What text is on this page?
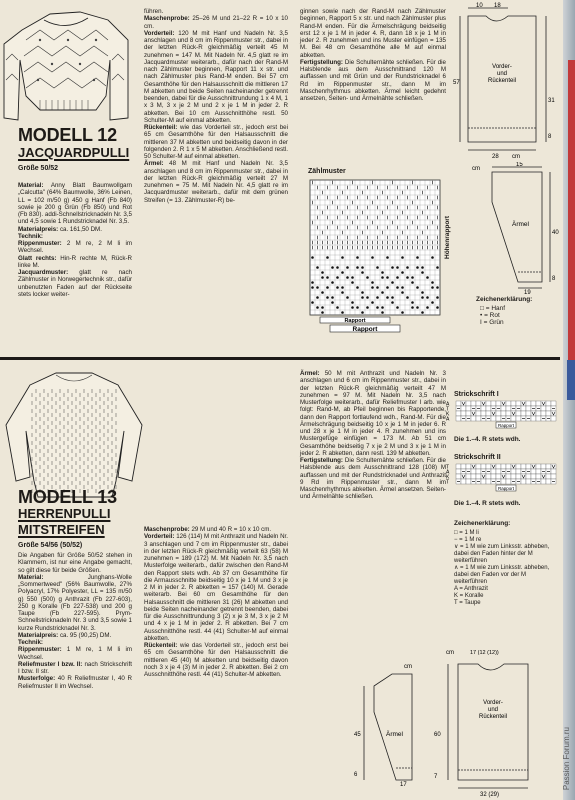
MODELL 12
JACQUARDPULLI
Größe 50/52

Material: Anny Blatt Baumwollgarn „Calcutta" (64% Baumwolle, 36% Leinen, LL = 102 m/50 g) 450 g Hanf (Fb 840) sowie je 200 g Grün (Fb 850) und Rot (Fb 830). addi-Schnellstricknadeln Nr. 3,5 und 4,5 sowie 1 Rundstricknadel Nr. 3,5.

Materialpreis: ca. 161,50 DM.

Technik:

Rippenmuster: 2 M re, 2 M li im Wechsel.

Glatt rechts: Hin-R rechte M, Rück-R linke M.

Jacquardmuster: glatt re nach Zählmuster in Norwegertechnik str., dafür unbenutzten Faden auf der Rückseite stets locker weiter-

führen.

Maschenprobe: 25–26 M und 21–22 R = 10 x 10 cm.

Vorderteil: 120 M mit Hanf und Nadeln Nr. 3,5 anschlagen und 8 cm im Rippenmuster str., dabei in der letzten Rück-R gleichmäßig verteilt 45 M zunehmen = 147 M. Mit Nadeln Nr. 4,5 glatt re im Jacquardmuster weiterarb., dafür nach der Rand-M nach Zählmuster beginnen, Rapport 11 x str. und nach Zählmuster plus Rand-M enden. Bei 57 cm Gesamthöhe für den Halsausschnitt die mittleren 17 M abketten und beide Seiten nacheinander getrennt beenden, dabei für die Ausschnittrundung 1 x 4 M, 1 x 3 M, 3 x je 2 M und 2 x je 1 M in jeder 2. R abketten. Bei 10 cm Ausschnitthöhe restl. 50 Schulter-M auf einmal abketten.

Rückenteil: wie das Vorderteil str., jedoch erst bei 65 cm Gesamthöhe für den Halsausschnitt die mittleren 37 M abketten und beidseitig davon in der folgenden 2. R 1 x 5 M abketten. Anschließend restl. 50 Schulter-M auf einmal abketten.

Ärmel: 48 M mit Hanf und Nadeln Nr. 3,5 anschlagen und 8 cm im Rippenmuster str., dabei in der letzten Rück-R gleichmäßig verteilt 27 M zunehmen = 75 M. Mit Nadeln Nr. 4,5 glatt re im Jacquardmuster weiterarb., dafür mit dem grünen Streifen (= 13. Zählmuster-R) be-

ginnen sowie nach der Rand-M nach Zählmuster beginnen, Rapport 5 x str. und nach Zählmuster plus Rand-M enden. Für die Ärmelschrägung beidseitig erst 12 x je 1 M in jeder 4. R, dann 18 x je 1 M in jeder 2. R zunehmen und ins Muster einfügen = 135 M. Bei 48 cm Gesamthöhe alle M auf einmal abketten.

Fertigstellung: Die Schulternähte schließen. Für die Halsblende aus dem Ausschnittrand 120 M auffassen und mit Grün und der Rundstricknadel 6 Rd im Rippenmuster str., dann M im Maschenrhythmus abketten. Ärmel leicht gedehnt ansetzen, Seiten- und Ärmelnähte schließen.

Vorder-
und
Rückenteil
10 18
57
31
8
28 cm
cm
15
Ärmel
40
8
19
Zählmuster
Rapport
Rapport
Höhenrapport
Zeichenerklärung:
□ = Hanf
• = Rot
I = Grün
MODELL 13
HERRENPULLI
MITSTREIFEN
Größe 54/56 (50/52)

Die Angaben für Größe 50/52 stehen in Klammern, ist nur eine Angabe gemacht, so gilt diese für beide Größen.

Material: Junghans-Wolle „Sommertweed" (56% Baumwolle, 27% Polyacryl, 17% Polyester, LL = 135 m/50 g) 550 (500) g Anthrazit (Fb 227-603), 250 g Koralle (Fb 227-538) und 200 g Taupe (Fb 227-595). Prym-Schnellstricknadeln Nr. 3 und 3,5 sowie 1 kurze Rundstricknadel Nr. 3.

Materialpreis: ca. 95 (90,25) DM.

Technik:

Rippenmuster: 1 M re, 1 M li im Wechsel.

Reliefmuster I bzw. II: nach Strickschrift I bzw. II str.

Musterfolge: 40 R Reliefmuster I, 40 R Reliefmuster II im Wechsel.

Maschenprobe: 29 M und 40 R = 10 x 10 cm.

Vorderteil: 126 (114) M mit Anthrazit und Nadeln Nr. 3 anschlagen und 7 cm im Rippenmuster str., dabei in der letzten Rück-R gleichmäßig verteilt 63 (58) M zunehmen = 189 (172) M. Mit Nadeln Nr. 3,5 nach Musterfolge weiterarb., dafür zwischen den Rand-M den Rapport stets wdh. Ab 37 cm Gesamthöhe für die Armausschnitte beidseitig 10 x je 1 M und 3 x je 2 M in jeder 2. R abketten = 157 (140) M. Gerade weiterarb. Bei 60 cm Gesamthöhe für den Halsausschnitt die mittleren 31 (26) M abketten und beide Seiten nacheinander getrennt beenden, dabei für die Ausschnittrundung 3 (2) x je 3 M, 3 x je 2 M und 4 x je 1 M in jeder 2. R abketten. Bei 7 cm Ausschnitthöhe restl. 44 (41) Schulter-M auf einmal abketten.

Rückenteil: wie das Vorderteil str., jedoch erst bei 65 cm Gesamthöhe für den Halsausschnitt die mittleren 45 (40) M abketten und beidseitig davon noch 3 x je 4 (3) M in jeder 2. R abketten. Bei 2 cm Ausschnitthöhe restl. 44 (41) Schulter-M abketten.

Ärmel: 50 M mit Anthrazit und Nadeln Nr. 3 anschlagen und 6 cm im Rippenmuster str., dabei in der letzten Rück-R gleichmäßig verteilt 47 M zunehmen = 97 M. Mit Nadeln Nr. 3,5 nach Musterfolge weiterarb., dafür Reliefmuster I arb. wie folgt: Rand-M, ab Pfeil beginnen bis Rapportende, dann den Rapport fortlaufend wdh., Rand-M. Für die Ärmelschrägung beidseitig 10 x je 1 M in jeder 6. R und 28 x je 1 M in jeder 4. R zunehmen und ins Mustergefüge einfügen = 173 M. Ab 51 cm Gesamthöhe beidseitig 7 x je 2 M und 3 x je 1 M in jeder 2. R abketten, dann restl. 139 M abketten.

Fertigstellung: Die Schulternähte schließen. Für die Halsblende aus dem Ausschnittrand 128 (108) M auffassen und mit der Rundstricknadel und Anthrazit 9 Rd im Rippenmuster str., dann M im Maschenrhythmus abketten. Ärmel ansetzen. Seiten- und Ärmelnähte schließen.

Strickschrift I
A
T
K
A
Rapport
Die 1.–4. R stets wdh.
Strickschrift II
T
A
K
T
Rapport
Die 1.–4. R stets wdh.
Zeichenerklärung:
□ = 1 M li
− = 1 M re
∨ = 1 M wie zum Linksstr. abheben, dabei den Faden hinter der M weiterführen
∧ = 1 M wie zum Linksstr. abheben, dabei den Faden vor der M weiterführen
A = Anthrazit
K = Koralle
T = Taupe
cm
Ärmel
45
6
17
17 (12 (12))
cm
Vorder-
und
Rückenteil
60
7
32 (29)
Passion Forum.ru
